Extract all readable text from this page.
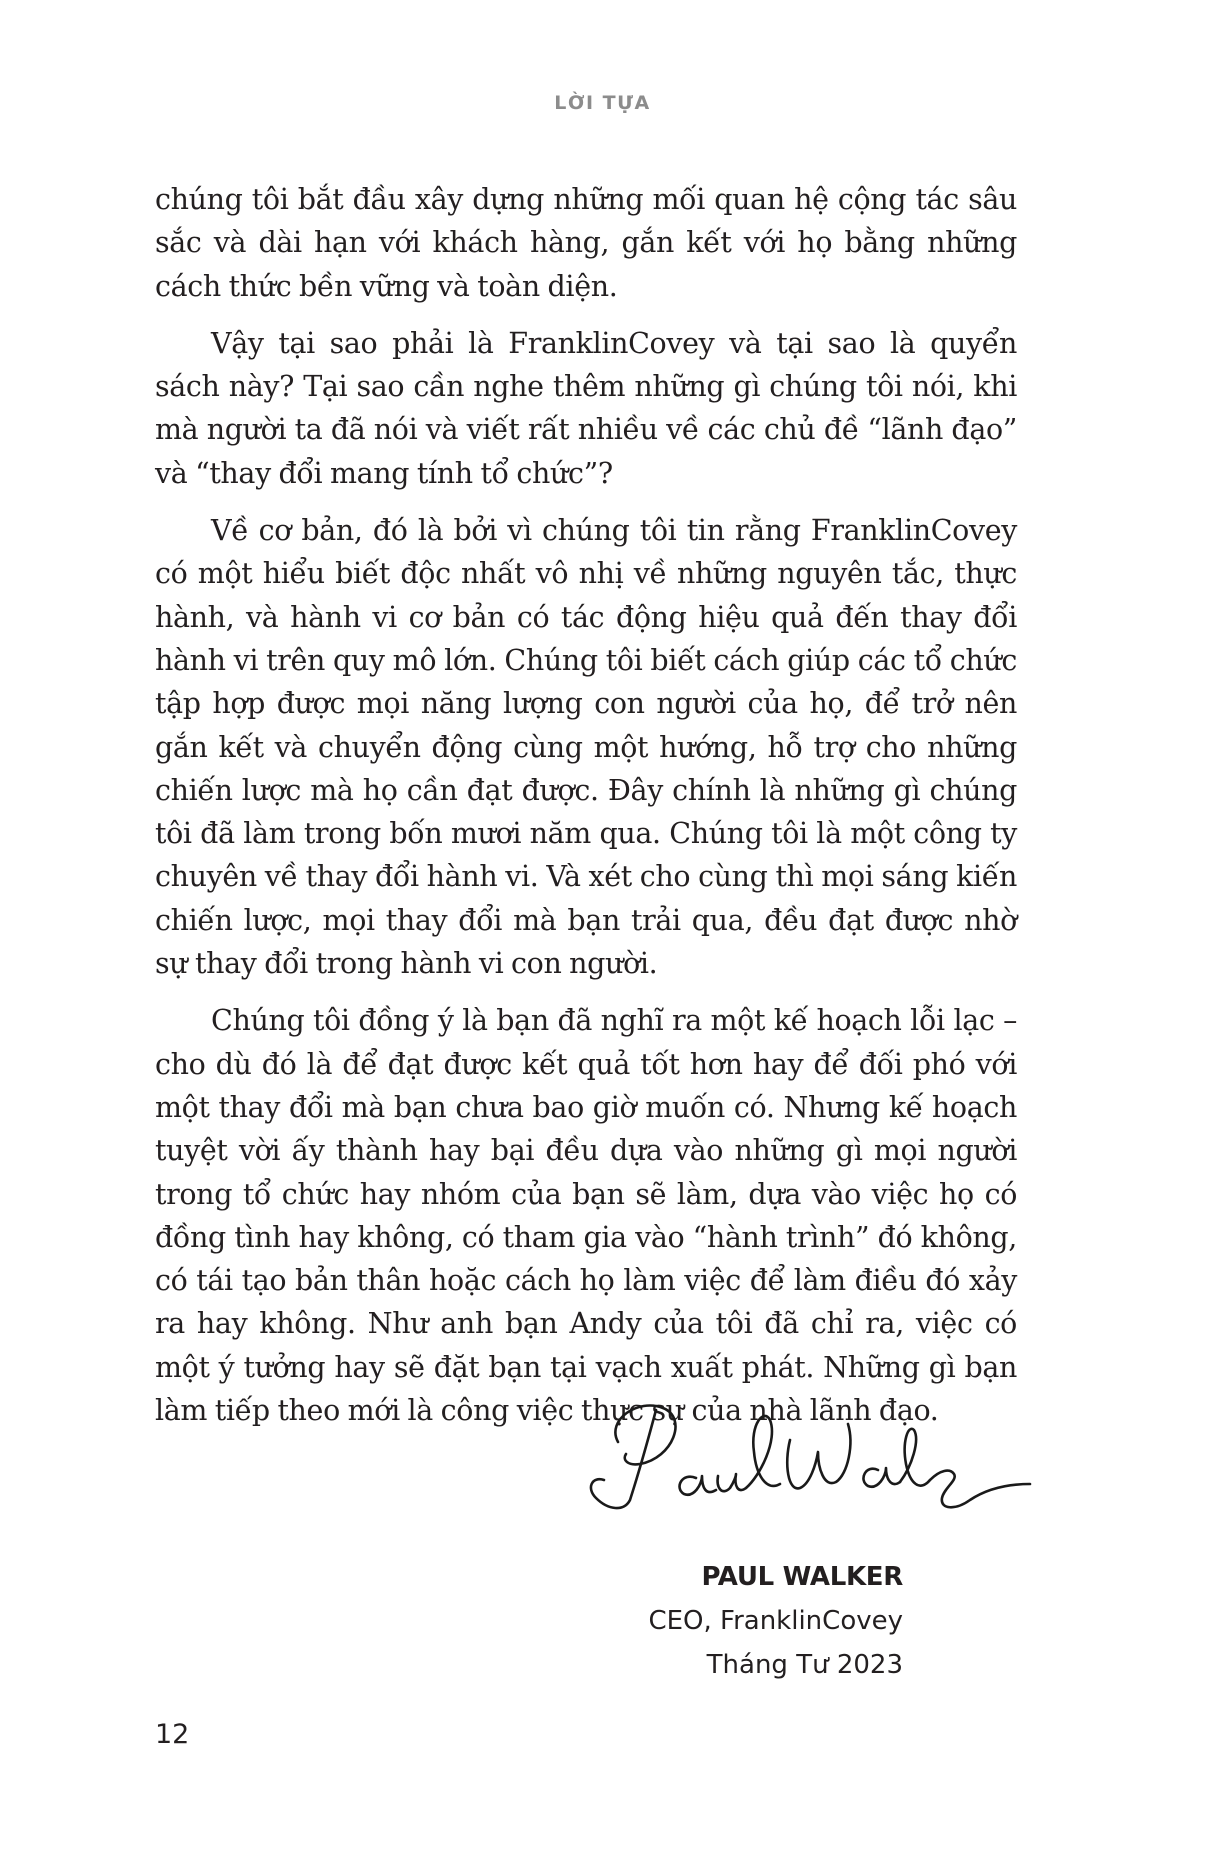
LỜI TỰA

chúng tôi bắt đầu xây dựng những mối quan hệ cộng tác sâu sắc và dài hạn với khách hàng, gắn kết với họ bằng những cách thức bền vững và toàn diện.

Vậy tại sao phải là FranklinCovey và tại sao là quyển sách này? Tại sao cần nghe thêm những gì chúng tôi nói, khi mà người ta đã nói và viết rất nhiều về các chủ đề “lãnh đạo” và “thay đổi mang tính tổ chức”?

Về cơ bản, đó là bởi vì chúng tôi tin rằng FranklinCovey có một hiểu biết độc nhất vô nhị về những nguyên tắc, thực hành, và hành vi cơ bản có tác động hiệu quả đến thay đổi hành vi trên quy mô lớn. Chúng tôi biết cách giúp các tổ chức tập hợp được mọi năng lượng con người của họ, để trở nên gắn kết và chuyển động cùng một hướng, hỗ trợ cho những chiến lược mà họ cần đạt được. Đây chính là những gì chúng tôi đã làm trong bốn mươi năm qua. Chúng tôi là một công ty chuyên về thay đổi hành vi. Và xét cho cùng thì mọi sáng kiến chiến lược, mọi thay đổi mà bạn trải qua, đều đạt được nhờ sự thay đổi trong hành vi con người.

Chúng tôi đồng ý là bạn đã nghĩ ra một kế hoạch lỗi lạc – cho dù đó là để đạt được kết quả tốt hơn hay để đối phó với một thay đổi mà bạn chưa bao giờ muốn có. Nhưng kế hoạch tuyệt vời ấy thành hay bại đều dựa vào những gì mọi người trong tổ chức hay nhóm của bạn sẽ làm, dựa vào việc họ có đồng tình hay không, có tham gia vào “hành trình” đó không, có tái tạo bản thân hoặc cách họ làm việc để làm điều đó xảy ra hay không. Như anh bạn Andy của tôi đã chỉ ra, việc có một ý tưởng hay sẽ đặt bạn tại vạch xuất phát. Những gì bạn làm tiếp theo mới là công việc thực sự của nhà lãnh đạo.

PAUL WALKER
CEO, FranklinCovey
Tháng Tư 2023
12
